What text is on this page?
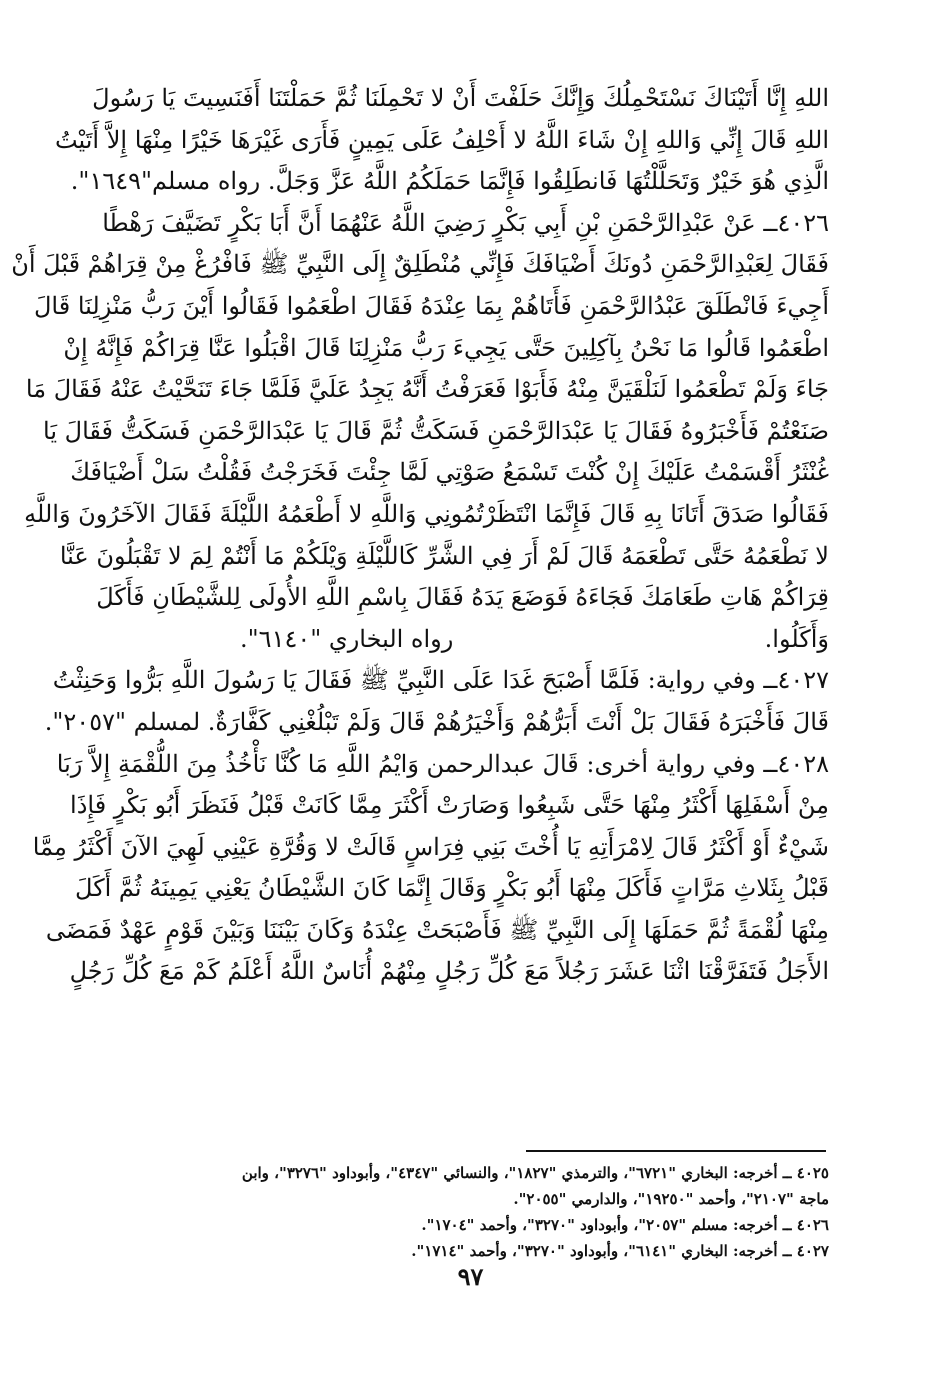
اللهِ إِنَّا أَتَيْنَاكَ نَسْتَحْمِلُكَ وَإِنَّكَ حَلَفْتَ أَنْ لا تَحْمِلَنَا ثُمَّ حَمَلْتَنَا أَفَنَسِيتَ يَا رَسُولَ
اللهِ قَالَ إِنِّي وَاللهِ إِنْ شَاءَ اللَّهُ لا أَحْلِفُ عَلَى يَمِينٍ فَأَرَى غَيْرَهَا خَيْرًا مِنْهَا إِلاَّ أَتَيْتُ
الَّذِي هُوَ خَيْرٌ وَتَحَلَّلْتُهَا فَانطَلِقُوا فَإِنَّمَا حَمَلَكُمُ اللَّهُ عَزَّ وَجَلَّ. رواه مسلم"١٦٤٩".
٤٠٢٦ــ عَنْ عَبْدِالرَّحْمَنِ بْنِ أَبِي بَكْرٍ رَضِيَ اللَّهُ عَنْهُمَا أَنَّ أَبَا بَكْرٍ تَضَيَّفَ رَهْطًا
فَقَالَ لِعَبْدِالرَّحْمَنِ دُونَكَ أَضْيَافَكَ فَإِنِّي مُنْطَلِقٌ إِلَى النَّبِيِّ ﷺ فَافْرُغْ مِنْ قِرَاهُمْ قَبْلَ أَنْ
أَجِيءَ فَانْطَلَقَ عَبْدُالرَّحْمَنِ فَأَتَاهُمْ بِمَا عِنْدَهُ فَقَالَ اطْعَمُوا فَقَالُوا أَيْنَ رَبُّ مَنْزِلِنَا قَالَ
اطْعَمُوا قَالُوا مَا نَحْنُ بِآكِلِينَ حَتَّى يَجِيءَ رَبُّ مَنْزِلِنَا قَالَ اقْبَلُوا عَنَّا قِرَاكُمْ فَإِنَّهُ إِنْ
جَاءَ وَلَمْ تَطْعَمُوا لَنَلْقَيَنَّ مِنْهُ فَأَبَوْا فَعَرَفْتُ أَنَّهُ يَجِدُ عَلَيَّ فَلَمَّا جَاءَ تَنَحَّيْتُ عَنْهُ فَقَالَ مَا
صَنَعْتُمْ فَأَخْبَرُوهُ فَقَالَ يَا عَبْدَالرَّحْمَنِ فَسَكَتُّ ثُمَّ قَالَ يَا عَبْدَالرَّحْمَنِ فَسَكَتُّ فَقَالَ يَا
غُنْثَرُ أَقْسَمْتُ عَلَيْكَ إِنْ كُنْتَ تَسْمَعُ صَوْتِي لَمَّا جِئْتَ فَخَرَجْتُ فَقُلْتُ سَلْ أَضْيَافَكَ
فَقَالُوا صَدَقَ أَتَانَا بِهِ قَالَ فَإِنَّمَا انْتَظَرْتُمُونِي وَاللَّهِ لا أَطْعَمُهُ اللَّيْلَةَ فَقَالَ الآخَرُونَ وَاللَّهِ
لا نَطْعَمُهُ حَتَّى تَطْعَمَهُ قَالَ لَمْ أَرَ فِي الشَّرِّ كَاللَّيْلَةِ وَيْلَكُمْ مَا أَنْتُمْ لِمَ لا تَقْبَلُونَ عَنَّا
قِرَاكُمْ هَاتِ طَعَامَكَ فَجَاءَهُ فَوَضَعَ يَدَهُ فَقَالَ بِاسْمِ اللَّهِ الأُولَى لِلشَّيْطَانِ فَأَكَلَ
وَأَكَلُوا.
رواه البخاري "٦١٤٠".
٤٠٢٧ــ وفي رواية: فَلَمَّا أَصْبَحَ غَدَا عَلَى النَّبِيِّ ﷺ فَقَالَ يَا رَسُولَ اللَّهِ بَرُّوا وَحَنِثْتُ
قَالَ فَأَخْبَرَهُ فَقَالَ بَلْ أَنْتَ أَبَرُّهُمْ وَأَخْيَرُهُمْ قَالَ وَلَمْ تَبْلُغْنِي كَفَّارَةٌ. لمسلم "٢٠٥٧".
٤٠٢٨ــ وفي رواية أخرى: قَالَ عبدالرحمن وَايْمُ اللَّهِ مَا كُنَّا نَأْخُذُ مِنَ اللُّقْمَةِ إِلاَّ رَبَا
مِنْ أَسْفَلِهَا أَكْثَرُ مِنْهَا حَتَّى شَبِعُوا وَصَارَتْ أَكْثَرَ مِمَّا كَانَتْ قَبْلُ فَنَظَرَ أَبُو بَكْرٍ فَإِذَا
شَيْءٌ أَوْ أَكْثَرُ قَالَ لِامْرَأَتِهِ يَا أُخْتَ بَنِي فِرَاسٍ قَالَتْ لا وَقُرَّةِ عَيْنِي لَهِيَ الآنَ أَكْثَرُ مِمَّا
قَبْلُ بِثَلاثِ مَرَّاتٍ فَأَكَلَ مِنْهَا أَبُو بَكْرٍ وَقَالَ إِنَّمَا كَانَ الشَّيْطَانُ يَعْنِي يَمِينَهُ ثُمَّ أَكَلَ
مِنْهَا لُقْمَةً ثُمَّ حَمَلَهَا إِلَى النَّبِيِّ ﷺ فَأَصْبَحَتْ عِنْدَهُ وَكَانَ بَيْنَنَا وَبَيْنَ قَوْمٍ عَهْدٌ فَمَضَى
الأَجَلُ فَتَفَرَّقْنَا اثْنَا عَشَرَ رَجُلاً مَعَ كُلِّ رَجُلٍ مِنْهُمْ أُنَاسٌ اللَّهُ أَعْلَمُ كَمْ مَعَ كُلِّ رَجُلٍ
٤٠٢٥ ــ أخرجه: البخاري "٦٧٢١"، والترمذي "١٨٢٧"، والنسائي "٤٣٤٧"، وأبوداود "٣٢٧٦"، وابن
ماجة "٢١٠٧"، وأحمد "١٩٢٥٠"، والدارمي "٢٠٥٥".
٤٠٢٦ ــ أخرجه: مسلم "٢٠٥٧"، وأبوداود "٣٢٧٠"، وأحمد "١٧٠٤".
٤٠٢٧ ــ أخرجه: البخاري "٦١٤١"، وأبوداود "٣٢٧٠"، وأحمد "١٧١٤".
٩٧
